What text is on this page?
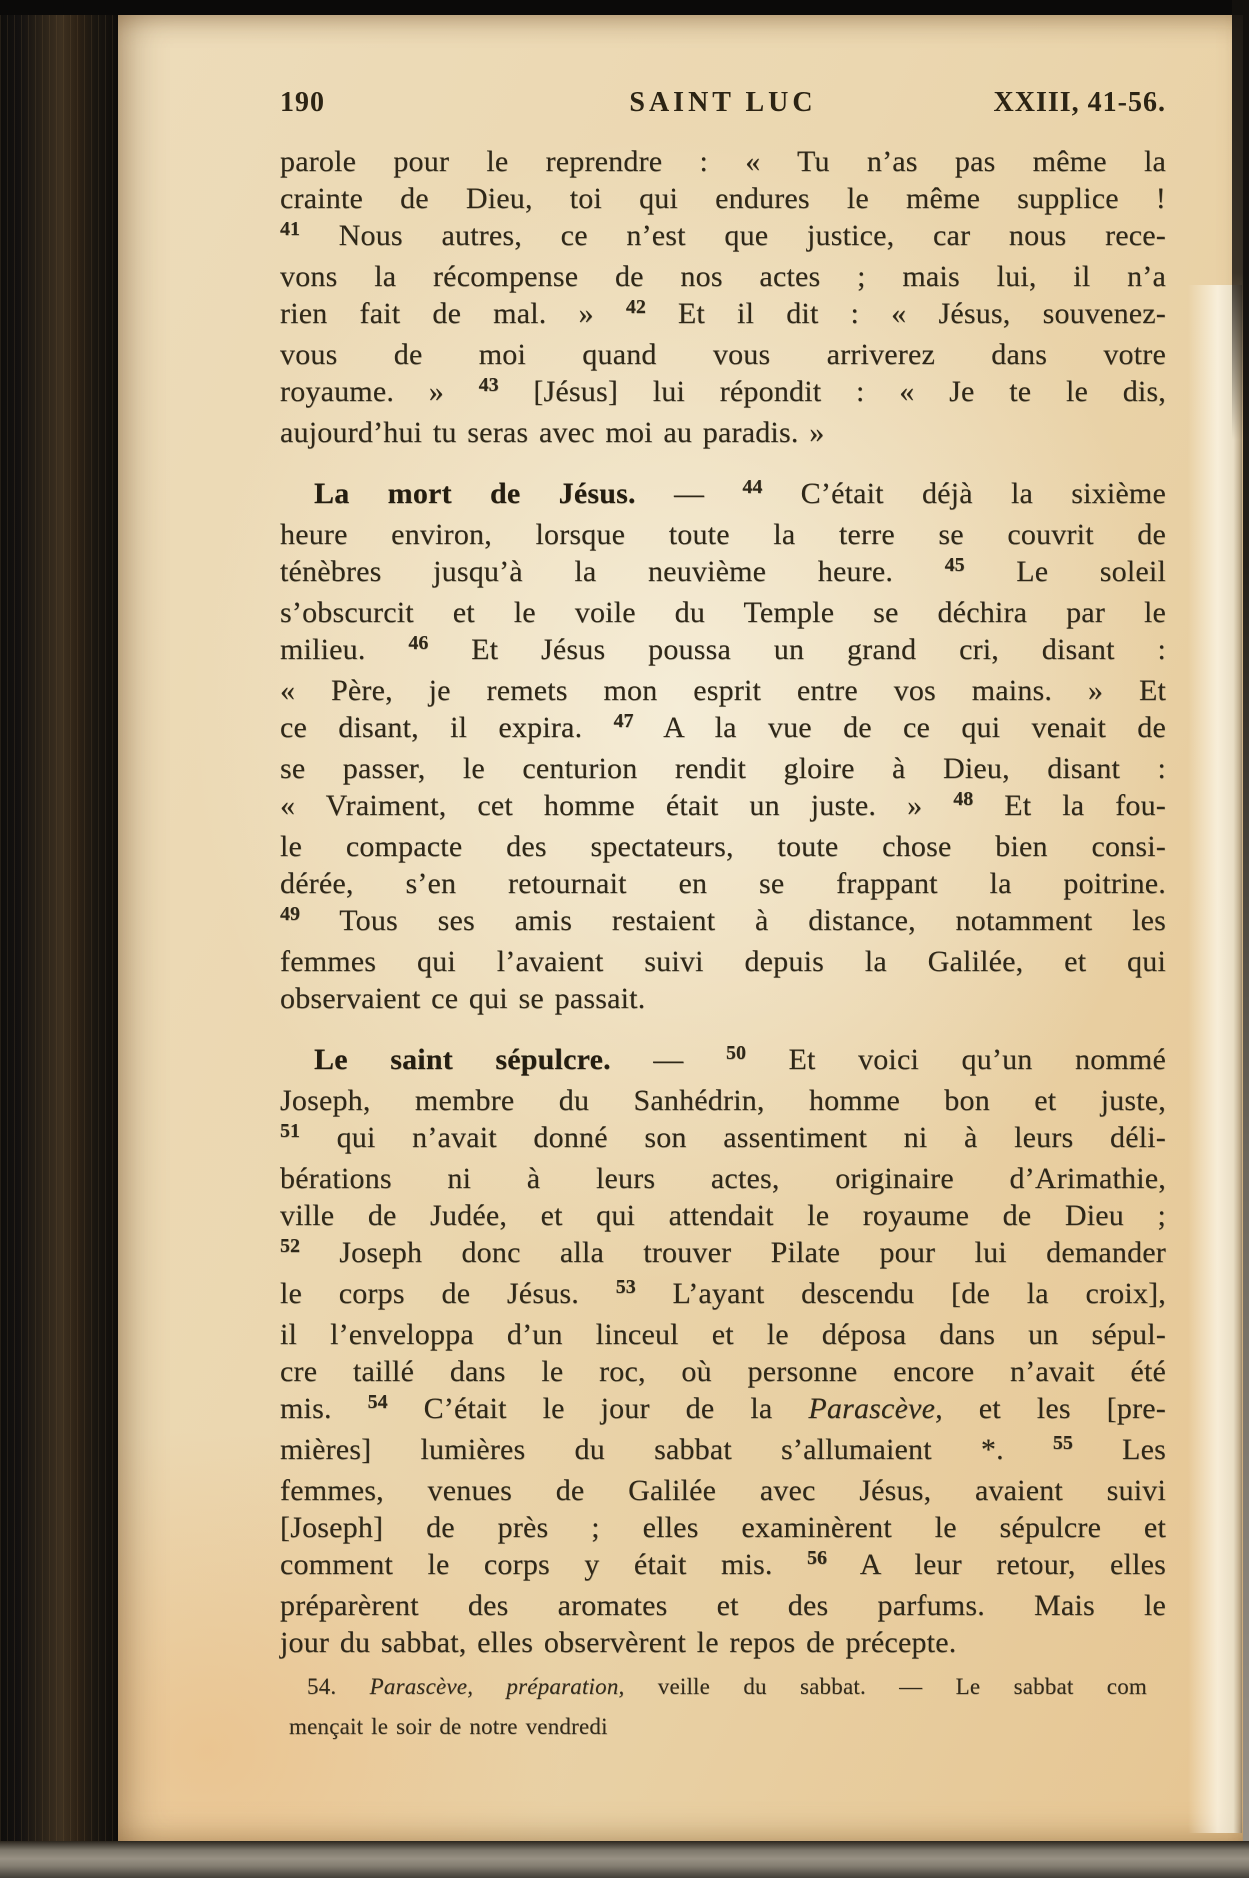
190	SAINT LUC	XXIII, 41-56.
parole pour le reprendre : « Tu n’as pas même la
crainte de Dieu, toi qui endures le même supplice !
$^{41}$ Nous autres, ce n’est que justice, car nous rece-
vons la récompense de nos actes ; mais lui, il n’a
rien fait de mal. » $^{42}$ Et il dit : « Jésus, souvenez-
vous de moi quand vous arriverez dans votre
royaume. » $^{43}$ [Jésus] lui répondit : « Je te le dis,
aujourd’hui tu seras avec moi au paradis. »
La mort de Jésus. — $^{44}$ C’était déjà la sixième
heure environ, lorsque toute la terre se couvrit de
ténèbres jusqu’à la neuvième heure. $^{45}$ Le soleil
s’obscurcit et le voile du Temple se déchira par le
milieu. $^{46}$ Et Jésus poussa un grand cri, disant :
« Père, je remets mon esprit entre vos mains. » Et
ce disant, il expira. $^{47}$ A la vue de ce qui venait de
se passer, le centurion rendit gloire à Dieu, disant :
« Vraiment, cet homme était un juste. » $^{48}$ Et la fou-
le compacte des spectateurs, toute chose bien consi-
dérée, s’en retournait en se frappant la poitrine.
$^{49}$ Tous ses amis restaient à distance, notamment les
femmes qui l’avaient suivi depuis la Galilée, et qui
observaient ce qui se passait.
Le saint sépulcre. — $^{50}$ Et voici qu’un nommé
Joseph, membre du Sanhédrin, homme bon et juste,
$^{51}$ qui n’avait donné son assentiment ni à leurs déli-
bérations ni à leurs actes, originaire d’Arimathie,
ville de Judée, et qui attendait le royaume de Dieu ;
$^{52}$ Joseph donc alla trouver Pilate pour lui demander
le corps de Jésus. $^{53}$ L’ayant descendu [de la croix],
il l’enveloppa d’un linceul et le déposa dans un sépul-
cre taillé dans le roc, où personne encore n’avait été
mis. $^{54}$ C’était le jour de la Parascève, et les [pre-
mières] lumières du sabbat s’allumaient *. $^{55}$ Les
femmes, venues de Galilée avec Jésus, avaient suivi
[Joseph] de près ; elles examinèrent le sépulcre et
comment le corps y était mis. $^{56}$ A leur retour, elles
préparèrent des aromates et des parfums. Mais le
jour du sabbat, elles observèrent le repos de précepte.
54. Parascève, préparation, veille du sabbat. — Le sabbat com
mençait le soir de notre vendredi
